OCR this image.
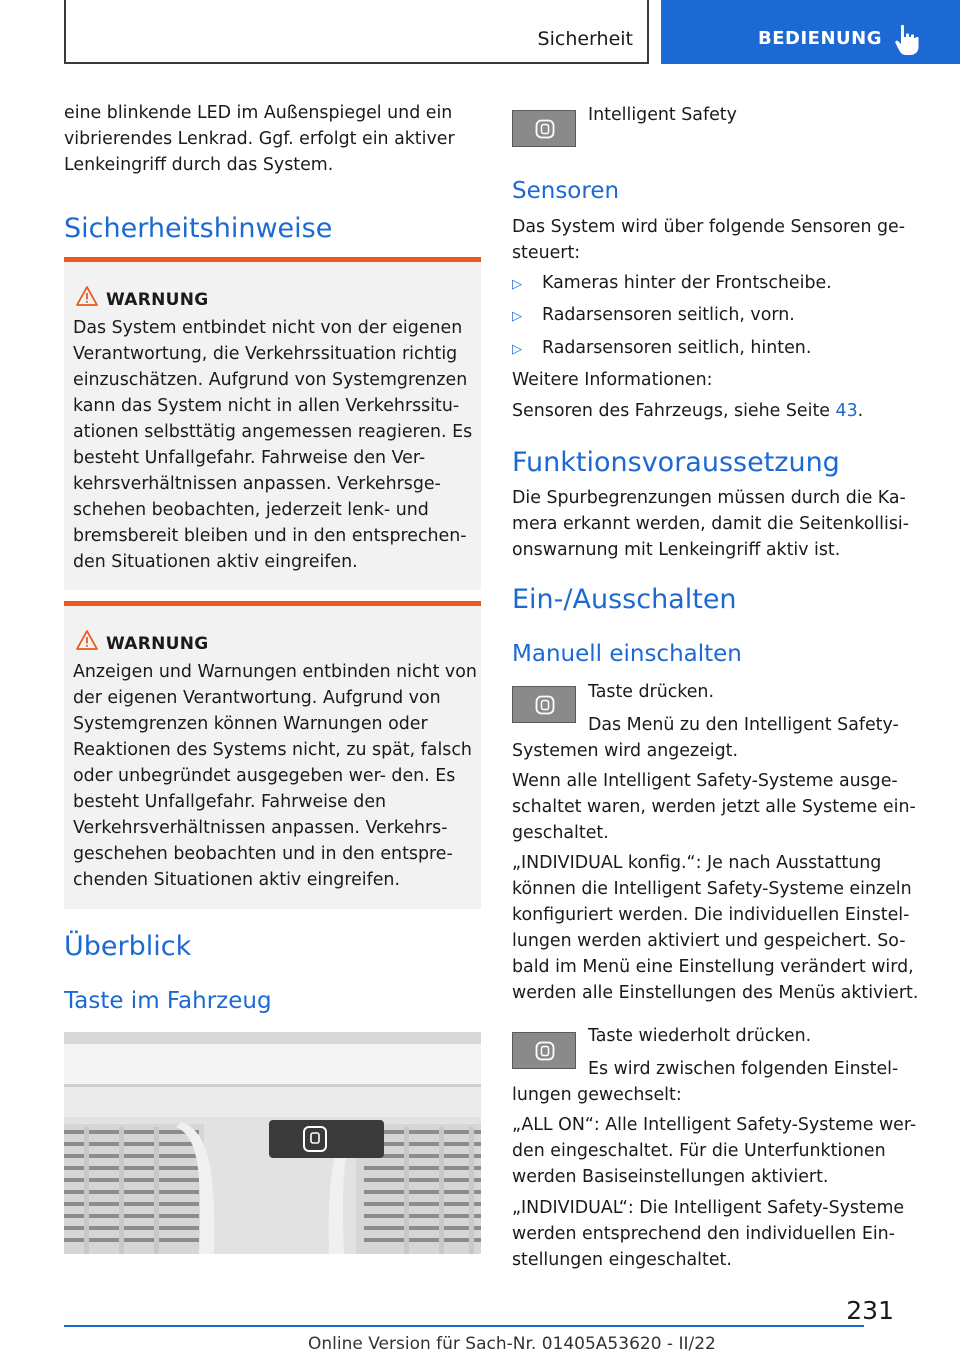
Sicherheit	BEDIENUNG

eine blinkende LED im Außenspiegel und ein vibrierendes Lenkrad. Ggf. erfolgt ein aktiver Lenkeingriff durch das System.

Sicherheitshinweise
WARNUNG
Das System entbindet nicht von der eigenen Verantwortung, die Verkehrssituation richtig einzuschätzen. Aufgrund von Systemgrenzen kann das System nicht in allen Verkehrssitu- ationen selbsttätig angemessen reagieren. Es besteht Unfallgefahr. Fahrweise den Ver- kehrsverhältnissen anpassen. Verkehrsge- schehen beobachten, jederzeit lenk- und bremsbereit bleiben und in den entsprechen- den Situationen aktiv eingreifen.
WARNUNG
Anzeigen und Warnungen entbinden nicht von der eigenen Verantwortung. Aufgrund von Systemgrenzen können Warnungen oder Reaktionen des Systems nicht, zu spät, falsch oder unbegründet ausgegeben wer- den. Es besteht Unfallgefahr. Fahrweise den Verkehrsverhältnissen anpassen. Verkehrs- geschehen beobachten und in den entspre- chenden Situationen aktiv eingreifen.
Überblick
Taste im Fahrzeug

Intelligent Safety

Sensoren

Das System wird über folgende Sensoren ge- steuert:

▷ Kameras hinter der Frontscheibe.
▷ Radarsensoren seitlich, vorn.
▷ Radarsensoren seitlich, hinten.

Weitere Informationen:

Sensoren des Fahrzeugs, siehe Seite 43.

Funktionsvoraussetzung

Die Spurbegrenzungen müssen durch die Ka- mera erkannt werden, damit die Seitenkollisi- onswarnung mit Lenkeingriff aktiv ist.

Ein-/Ausschalten
Manuell einschalten

Taste drücken.

Das Menü zu den Intelligent Safety- Systemen wird angezeigt.

Wenn alle Intelligent Safety-Systeme ausge- schaltet waren, werden jetzt alle Systeme ein- geschaltet.

„INDIVIDUAL konfig.“: Je nach Ausstattung können die Intelligent Safety-Systeme einzeln konfiguriert werden. Die individuellen Einstel- lungen werden aktiviert und gespeichert. So- bald im Menü eine Einstellung verändert wird, werden alle Einstellungen des Menüs aktiviert.

Taste wiederholt drücken.

Es wird zwischen folgenden Einstel- lungen gewechselt:

„ALL ON“: Alle Intelligent Safety-Systeme wer- den eingeschaltet. Für die Unterfunktionen werden Basiseinstellungen aktiviert.

„INDIVIDUAL“: Die Intelligent Safety-Systeme werden entsprechend den individuellen Ein- stellungen eingeschaltet.

231
Online Version für Sach-Nr. 01405A53620 - II/22
